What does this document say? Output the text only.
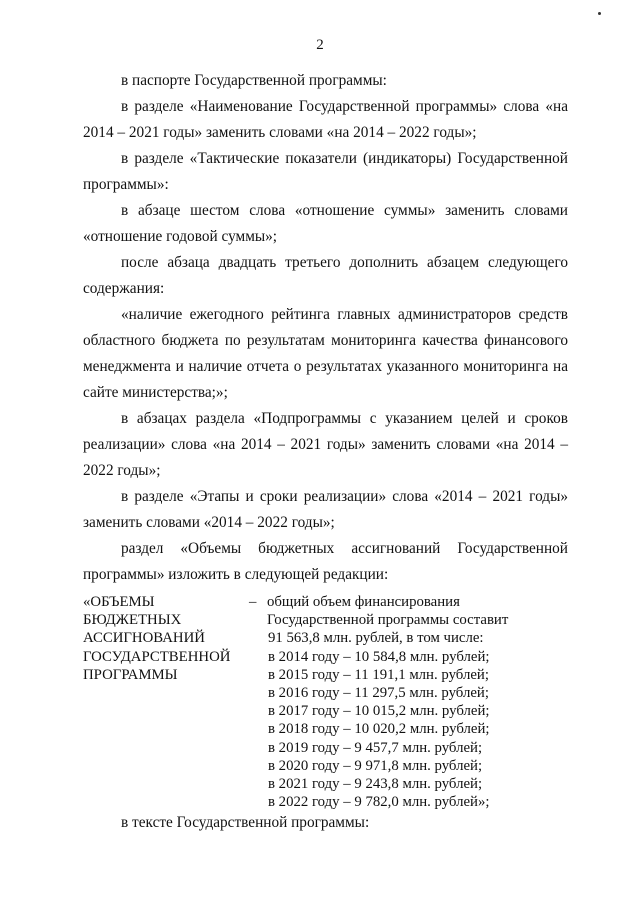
2

в паспорте Государственной программы:

в разделе «Наименование Государственной программы» слова «на 2014 – 2021 годы» заменить словами «на 2014 – 2022 годы»;

в разделе «Тактические показатели (индикаторы) Государственной программы»:

в абзаце шестом слова «отношение суммы» заменить словами «отношение годовой суммы»;

после абзаца двадцать третьего дополнить абзацем следующего содержания:

«наличие ежегодного рейтинга главных администраторов средств областного бюджета по результатам мониторинга качества финансового менеджмента и наличие отчета о результатах указанного мониторинга на сайте министерства;»;

в абзацах раздела «Подпрограммы с указанием целей и сроков реализации» слова «на 2014 – 2021 годы» заменить словами «на 2014 – 2022 годы»;

в разделе «Этапы и сроки реализации» слова «2014 – 2021 годы» заменить словами «2014 – 2022 годы»;

раздел «Объемы бюджетных ассигнований Государственной программы» изложить в следующей редакции:

«ОБЪЕМЫ
БЮДЖЕТНЫХ
АССИГНОВАНИЙ
ГОСУДАРСТВЕННОЙ
ПРОГРАММЫ
– общий объем финансирования
Государственной программы составит
91 563,8 млн. рублей, в том числе:
в 2014 году – 10 584,8 млн. рублей;
в 2015 году – 11 191,1 млн. рублей;
в 2016 году – 11 297,5 млн. рублей;
в 2017 году – 10 015,2 млн. рублей;
в 2018 году – 10 020,2 млн. рублей;
в 2019 году – 9 457,7 млн. рублей;
в 2020 году – 9 971,8 млн. рублей;
в 2021 году – 9 243,8 млн. рублей;
в 2022 году – 9 782,0 млн. рублей»;

в тексте Государственной программы:
